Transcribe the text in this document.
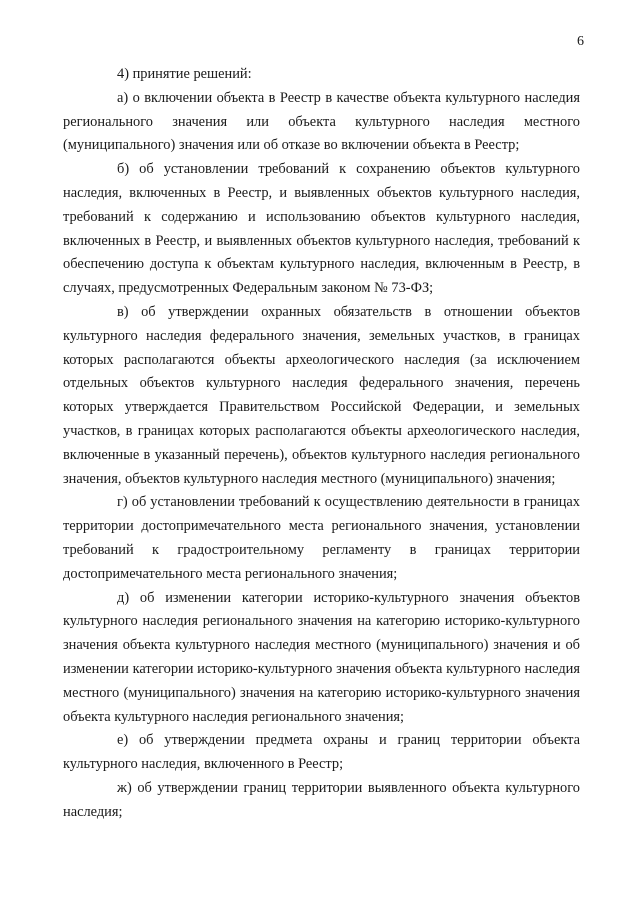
6

4) принятие решений:

а) о включении объекта в Реестр в качестве объекта культурного наследия регионального значения или объекта культурного наследия местного (муниципального) значения или об отказе во включении объекта в Реестр;

б) об установлении требований к сохранению объектов культурного наследия, включенных в Реестр, и выявленных объектов культурного наследия, требований к содержанию и использованию объектов культурного наследия, включенных в Реестр, и выявленных объектов культурного наследия, требований к обеспечению доступа к объектам культурного наследия, включенным в Реестр, в случаях, предусмотренных Федеральным законом № 73-ФЗ;

в) об утверждении охранных обязательств в отношении объектов культурного наследия федерального значения, земельных участков, в границах которых располагаются объекты археологического наследия (за исключением отдельных объектов культурного наследия федерального значения, перечень которых утверждается Правительством Российской Федерации, и земельных участков, в границах которых располагаются объекты археологического наследия, включенные в указанный перечень), объектов культурного наследия регионального значения, объектов культурного наследия местного (муниципального) значения;

г) об установлении требований к осуществлению деятельности в границах территории достопримечательного места регионального значения, установлении требований к градостроительному регламенту в границах территории достопримечательного места регионального значения;

д) об изменении категории историко-культурного значения объектов культурного наследия регионального значения на категорию историко-культурного значения объекта культурного наследия местного (муниципального) значения и об изменении категории историко-культурного значения объекта культурного наследия местного (муниципального) значения на категорию историко-культурного значения объекта культурного наследия регионального значения;

е) об утверждении предмета охраны и границ территории объекта культурного наследия, включенного в Реестр;

ж) об утверждении границ территории выявленного объекта культурного наследия;
